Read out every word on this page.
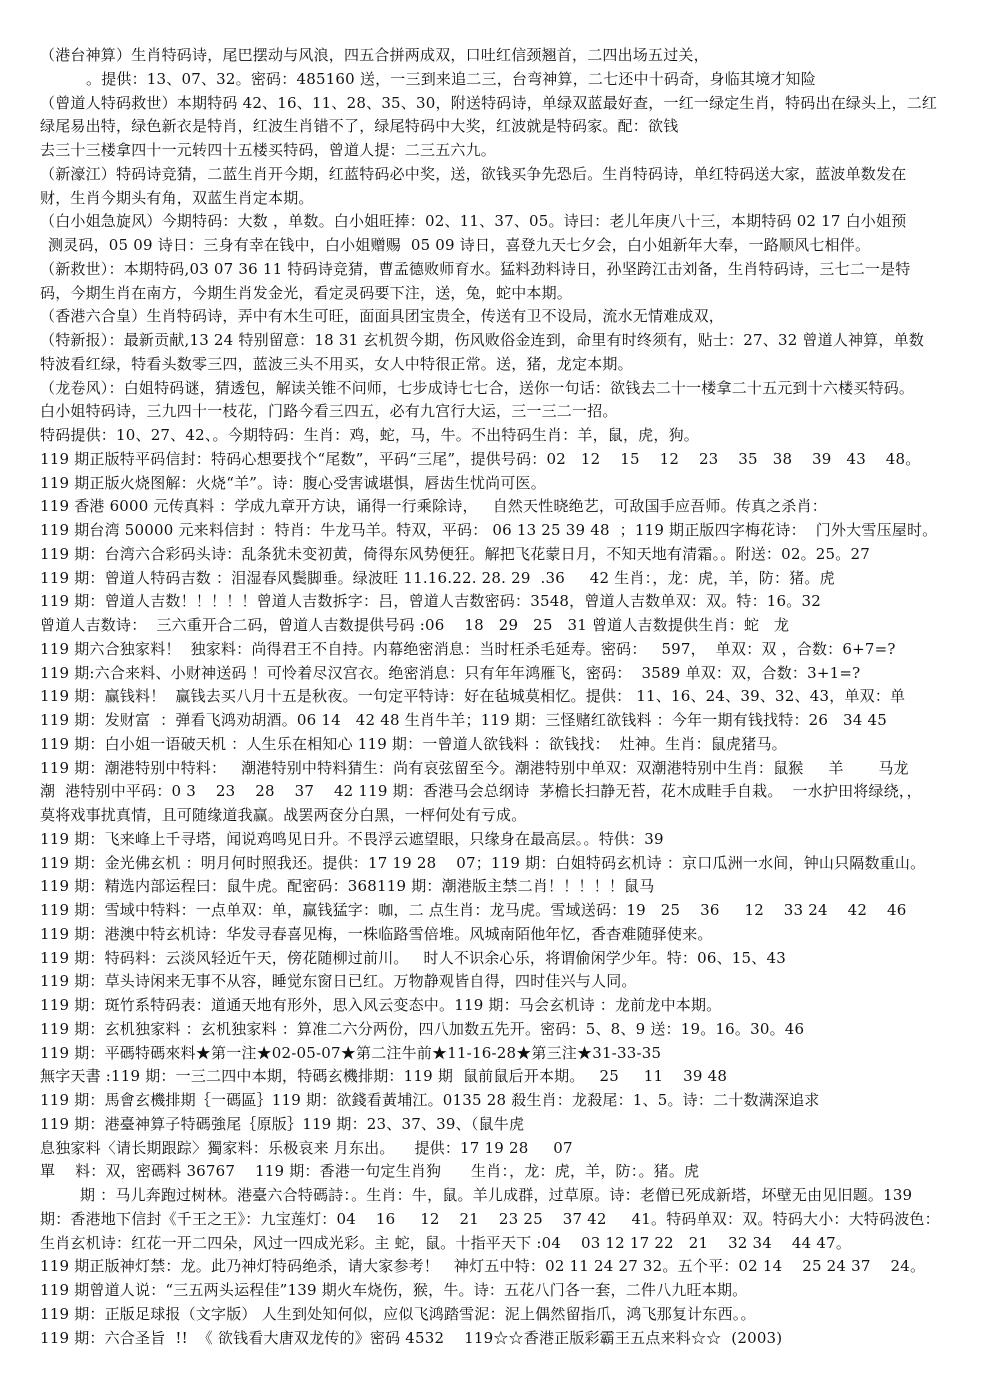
（港台神算）生肖特码诗，尾巴摆动与风浪，四五合拼两成双，口吐红信颈翘首，二四出场五过关，
。提供：13、07、32。密码：485160 送，一三到来追二三，台弯神算，二七还中十码奇，身临其境才知险
（曾道人特码救世）本期特码 42、16、11、28、35、30，附送特码诗，单绿双蓝最好查，一红一绿定生肖，特码出在绿头上，二红
绿尾易出特，绿色新衣是特肖，红波生肖错不了，绿尾特码中大奖，红波就是特码家。配：欲钱
去三十三楼拿四十一元转四十五楼买特码，曾道人提：二三五六九。
（新濠江）特码诗竞猜，二蓝生肖开今期，红蓝特码必中奖，送，欲钱买争先恐后。生肖特码诗，单红特码送大家，蓝波单数发在
财，生肖今期头有角，双蓝生肖定本期。
（白小姐急旋风）今期特码：大数 ，单数。白小姐旺捧：02、11、37、05。诗曰：老儿年庚八十三，本期特码 02 17 白小姐预
测灵码，05 09 诗日：三身有幸在钱中，白小姐赠赐  05 09 诗日，喜登九天七夕会，白小姐新年大奉，一路顺风七相伴。
（新救世）：本期特码,03 07 36 11 特码诗竞猜，曹孟德败师育水。猛料劲料诗日，孙坚跨江击刘备，生肖特码诗，三七二一是特
码，今期生肖在南方，今期生肖发金光，看定灵码要下注，送，兔，蛇中本期。
（香港六合皇）生肖特码诗，弄中有木生可旺，面面具团宝贵全，传送有卫不设局，流水无情难成双，
（特新报）：最新贡献,13 24 特别留意：18 31 玄机贺今期，伤风败俗金连到，命里有时终须有，贴士：27、32 曾道人神算，单数
特波看红绿，特看头数零三四，蓝波三头不用买，女人中特很正常。送，猪，龙定本期。
（龙卷风）：白姐特码谜，猜透包，解读关锥不问师，七步成诗七七合，送你一句话：欲钱去二十一楼拿二十五元到十六楼买特码。
白小姐特码诗，三九四十一枝花，门路今看三四五，必有九宫行大运，三一三二一招。
特码提供：10、27、42、。今期特码：生肖：鸡，蛇，马，牛。不出特码生肖：羊，鼠，虎，狗。
119 期正版特平码信封：特码心想要找个“尾数”，平码“三尾”，提供号码：02   12    15    12    23    35   38    39   43    48。
119 期正版火烧图解：火烧“羊”。诗：腹心受害诚堪惧，唇齿生忧尚可医。
119 香港 6000 元传真料 ：学成九章开方诀，诵得一行乘除诗，   自然天性晓绝艺，可敌国手应吾师。传真之杀肖：
119 期台湾 50000 元来料信封 ：特肖：牛龙马羊。特双，平码： 06 13 25 39 48  ；119 期正版四字梅花诗：  门外大雪压屋时。
119 期：台湾六合彩码头诗：乱条犹未变初黄，倚得东风势便狂。解把飞花蒙日月，不知天地有清霜。。附送：02。25。27
119 期：曾道人特码吉数 ：泪湿春风鬓脚垂。绿波旺 11.16.22. 28. 29  .36     42 生肖：，龙：虎，羊，防：猪。虎
119 期：曾道人吉数！！！！！曾道人吉数拆字：吕，曾道人吉数密码：3548，曾道人吉数单双：双。特：16。32
曾道人吉数诗：  三六重开合二码，曾道人吉数提供号码 :06    18   29   25   31 曾道人吉数提供生肖：蛇   龙
119 期六合独家料！  独家料：尚得君王不自持。内幕绝密消息：当时枉杀毛延寿。密码：   597，  单双：双 ，合数：6+7=?
119 期:六合来料、小财神送码 ！可怜着尽汉宫衣。绝密消息：只有年年鸿雁飞，密码：  3589 单双：双，合数：3+1=?
119 期：赢钱料！  赢钱去买八月十五是秋夜。一句定平特诗：好在毡城莫相忆。提供： 11、16、24、39、32、43，单双：单
119 期：发财富  ：弹看飞鸿劝胡酒。06 14   42 48 生肖牛羊；119 期：三怪赌红欲钱料 ：今年一期有钱找特：26   34 45
119 期：白小姐一语破天机 ：人生乐在相知心 119 期：一曾道人欲钱料 ：欲钱找：  灶神。生肖：鼠虎猪马。
119 期：潮港特别中特料：   潮港特别中特料猜生：尚有哀弦留至今。潮港特别中单双：双潮港特别中生肖：鼠猴     羊       马龙
潮  港特别中平码：0 3    23    28    37    42 119 期：香港马会总纲诗  茅檐长扫静无苔，花木成畦手自栽。  一水护田将绿绕，，
莫将戏事扰真情，且可随缘道我赢。战罢两奁分白黑，一枰何处有亏成。
119 期：飞来峰上千寻塔，闻说鸡鸣见日升。不畏浮云遮望眼，只缘身在最高层。。特供：39
119 期：金光佛玄机 ：明月何时照我还。提供：17 19 28    07；119 期：白姐特码玄机诗 ：京口瓜洲一水间，钟山只隔数重山。
119 期：精选内部运程曰：鼠牛虎。配密码：368119 期：潮港版主禁二肖！！！！！鼠马
119 期：雪域中特料：一点单双：单，赢钱猛字：咖，二 点生肖：龙马虎。雪域送码：19   25    36     12    33 24    42    46
119 期：港澳中特玄机诗：华发寻春喜见梅，一株临路雪倍堆。风城南陌他年忆，香杳难随驿使来。
119 期：特码料：云淡风轻近午天，傍花随柳过前川。   时人不识余心乐，将谓偷闲学少年。特：06、15、43
119 期：草头诗闲来无事不从容，睡觉东窗日已红。万物静观皆自得，四时佳兴与人同。
119 期：斑竹系特码表：道通天地有形外，思入风云变态中。119 期：马会玄机诗 ：龙前龙中本期。
119 期：玄机独家料 ：玄机独家料 ：算准二六分两份，四八加数五先开。密码：5、8、9 送：19。16。30。46
119 期：平碼特碼來料★第一注★02-05-07★第二注牛前★11-16-28★第三注★31-33-35
無字天書 :119 期：一三二四中本期，特碼玄機排期：119 期  鼠前鼠后开本期。   25     11    39 48
119 期：馬會玄機排期｛一碼區｝119 期：欲錢看黃埔江。0135 28 殺生肖：龙殺尾：1、5。诗：二十数满深追求
119 期：港臺神算子特碼強尾｛原版｝119 期：23、37、39、（鼠牛虎
息独家料〈请长期跟踪〉獨家料：乐极哀来 月东出。    提供：17 19 28     07
單    料：双，密碼料 36767    119 期：香港一句定生肖狗      生肖：，龙：虎，羊，防：。猪。虎
期 ：马儿奔跑过树林。港臺六合特碼詩：。生肖：牛，鼠。羊儿成群，过草原。诗：老僧已死成新塔，坏壁无由见旧题。139
期：香港地下信封《千王之王》：九宝莲灯：04    16     12    21    23 25    37 42     41。特码单双：双。特码大小：大特码波色：
生肖玄机诗：红花一开二四朵，风过一四成光彩。主 蛇，鼠。十指平天下 :04    03 12 17 22   21    32 34    44 47。
119 期正版神灯禁：龙。此乃神灯特码绝杀，请大家参考！   神灯五中特：02 11 24 27 32。五个平：02 14    25 24 37    24。
119 期曾道人说：“三五两头运程佳”139 期火车烧伤，猴，牛。诗：五花八门各一套，二件八九旺本期。
119 期：正版足球报（文字版） 人生到处知何似，应似飞鸿踏雪泥：泥上偶然留指爪，鸿飞那复计东西。。
119 期：六合圣旨  !!  《 欲钱看大唐双龙传的》密码 4532    119☆☆香港正版彩霸王五点来料☆☆  (2003)
